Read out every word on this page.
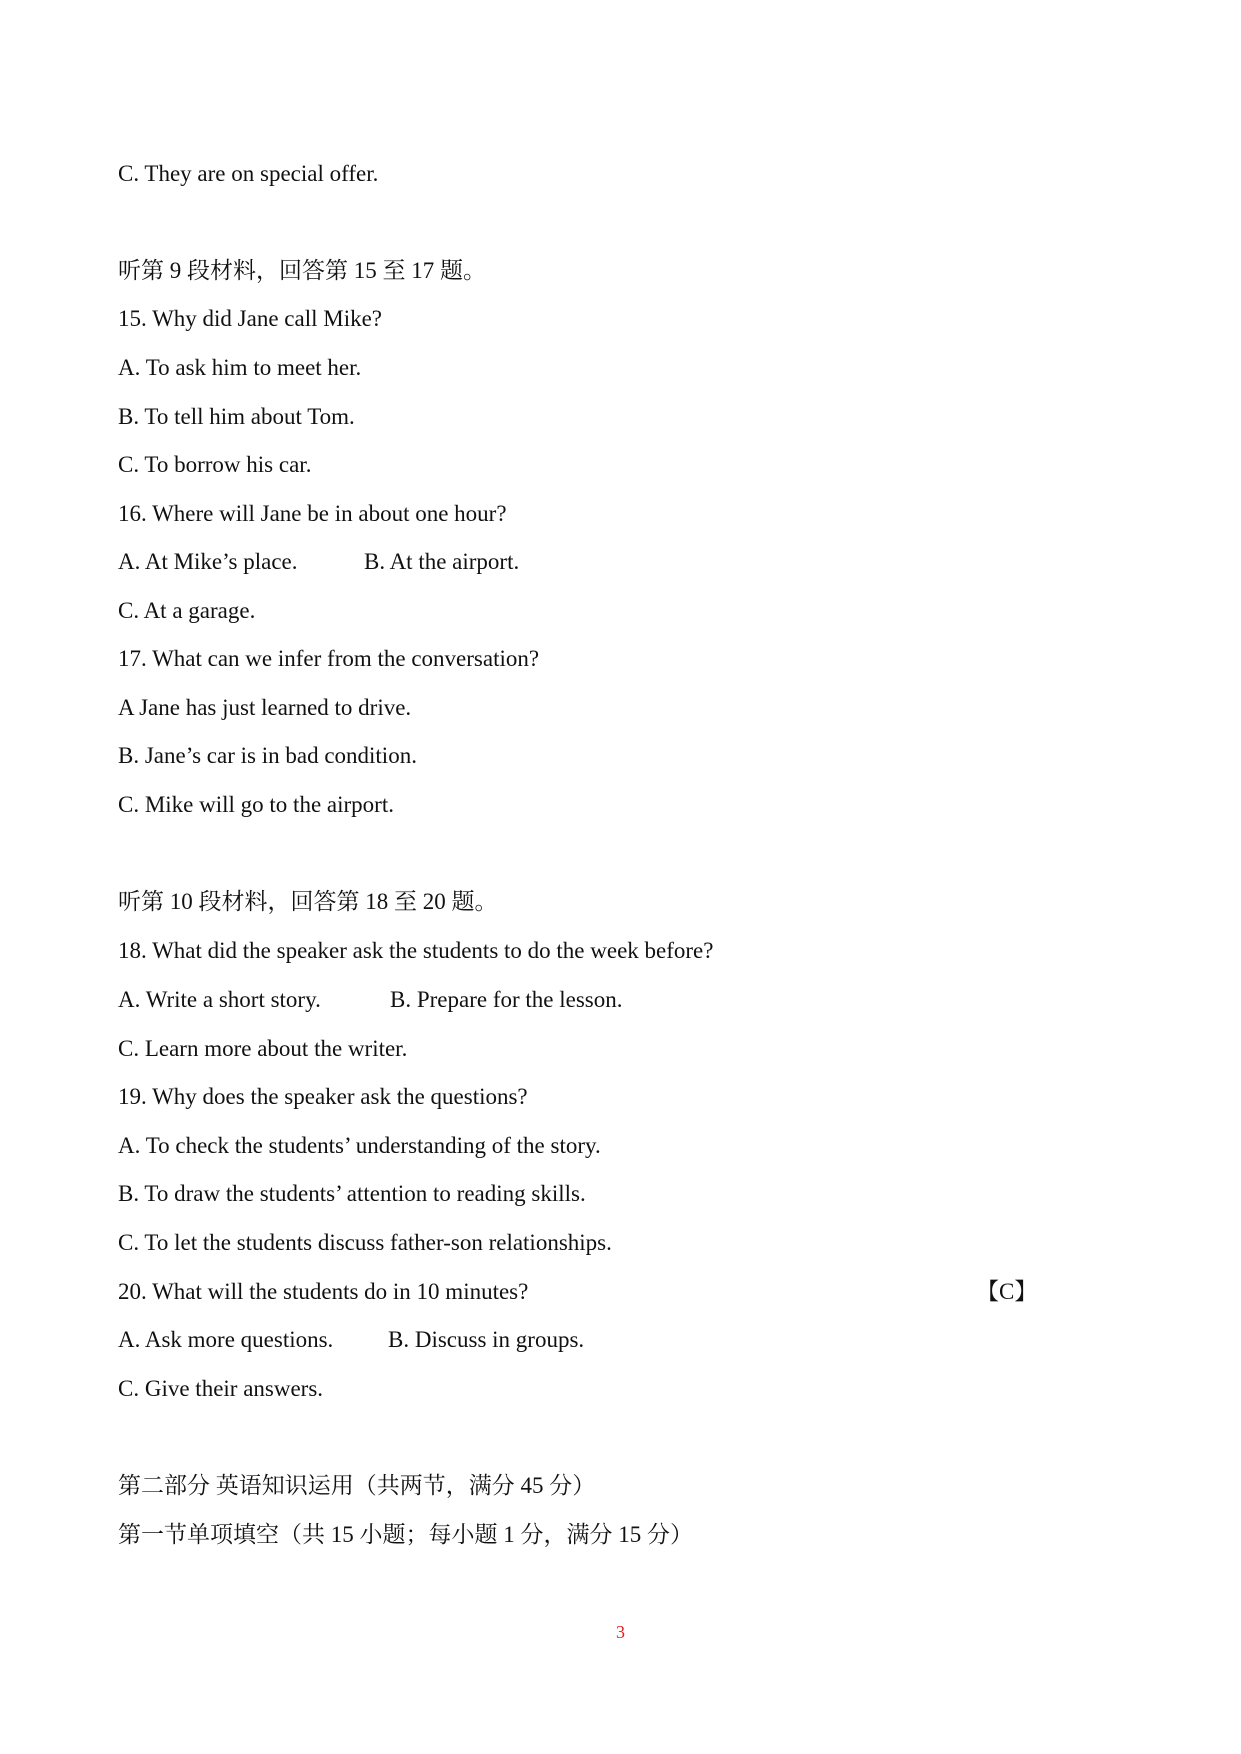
C. They are on special offer.
听第 9 段材料，回答第 15 至 17 题。
15. Why did Jane call Mike?
A. To ask him to meet her.
B. To tell him about Tom.
C. To borrow his car.
16. Where will Jane be in about one hour?
A. At Mike’s place.	B. At the airport.
C. At a garage.
17. What can we infer from the conversation?
A Jane has just learned to drive.
B. Jane’s car is in bad condition.
C. Mike will go to the airport.
听第 10 段材料，回答第 18 至 20 题。
18. What did the speaker ask the students to do the week before?
A. Write a short story.	B. Prepare for the lesson.
C. Learn more about the writer.
19. Why does the speaker ask the questions?
A. To check the students’ understanding of the story.
B. To draw the students’ attention to reading skills.
C. To let the students discuss father-son relationships.
20. What will the students do in 10 minutes?	【C】
A. Ask more questions. B. Discuss in groups.
C. Give their answers.
第二部分 英语知识运用（共两节，满分 45 分）
第一节单项填空（共 15 小题；每小题 1 分，满分 15 分）
3
